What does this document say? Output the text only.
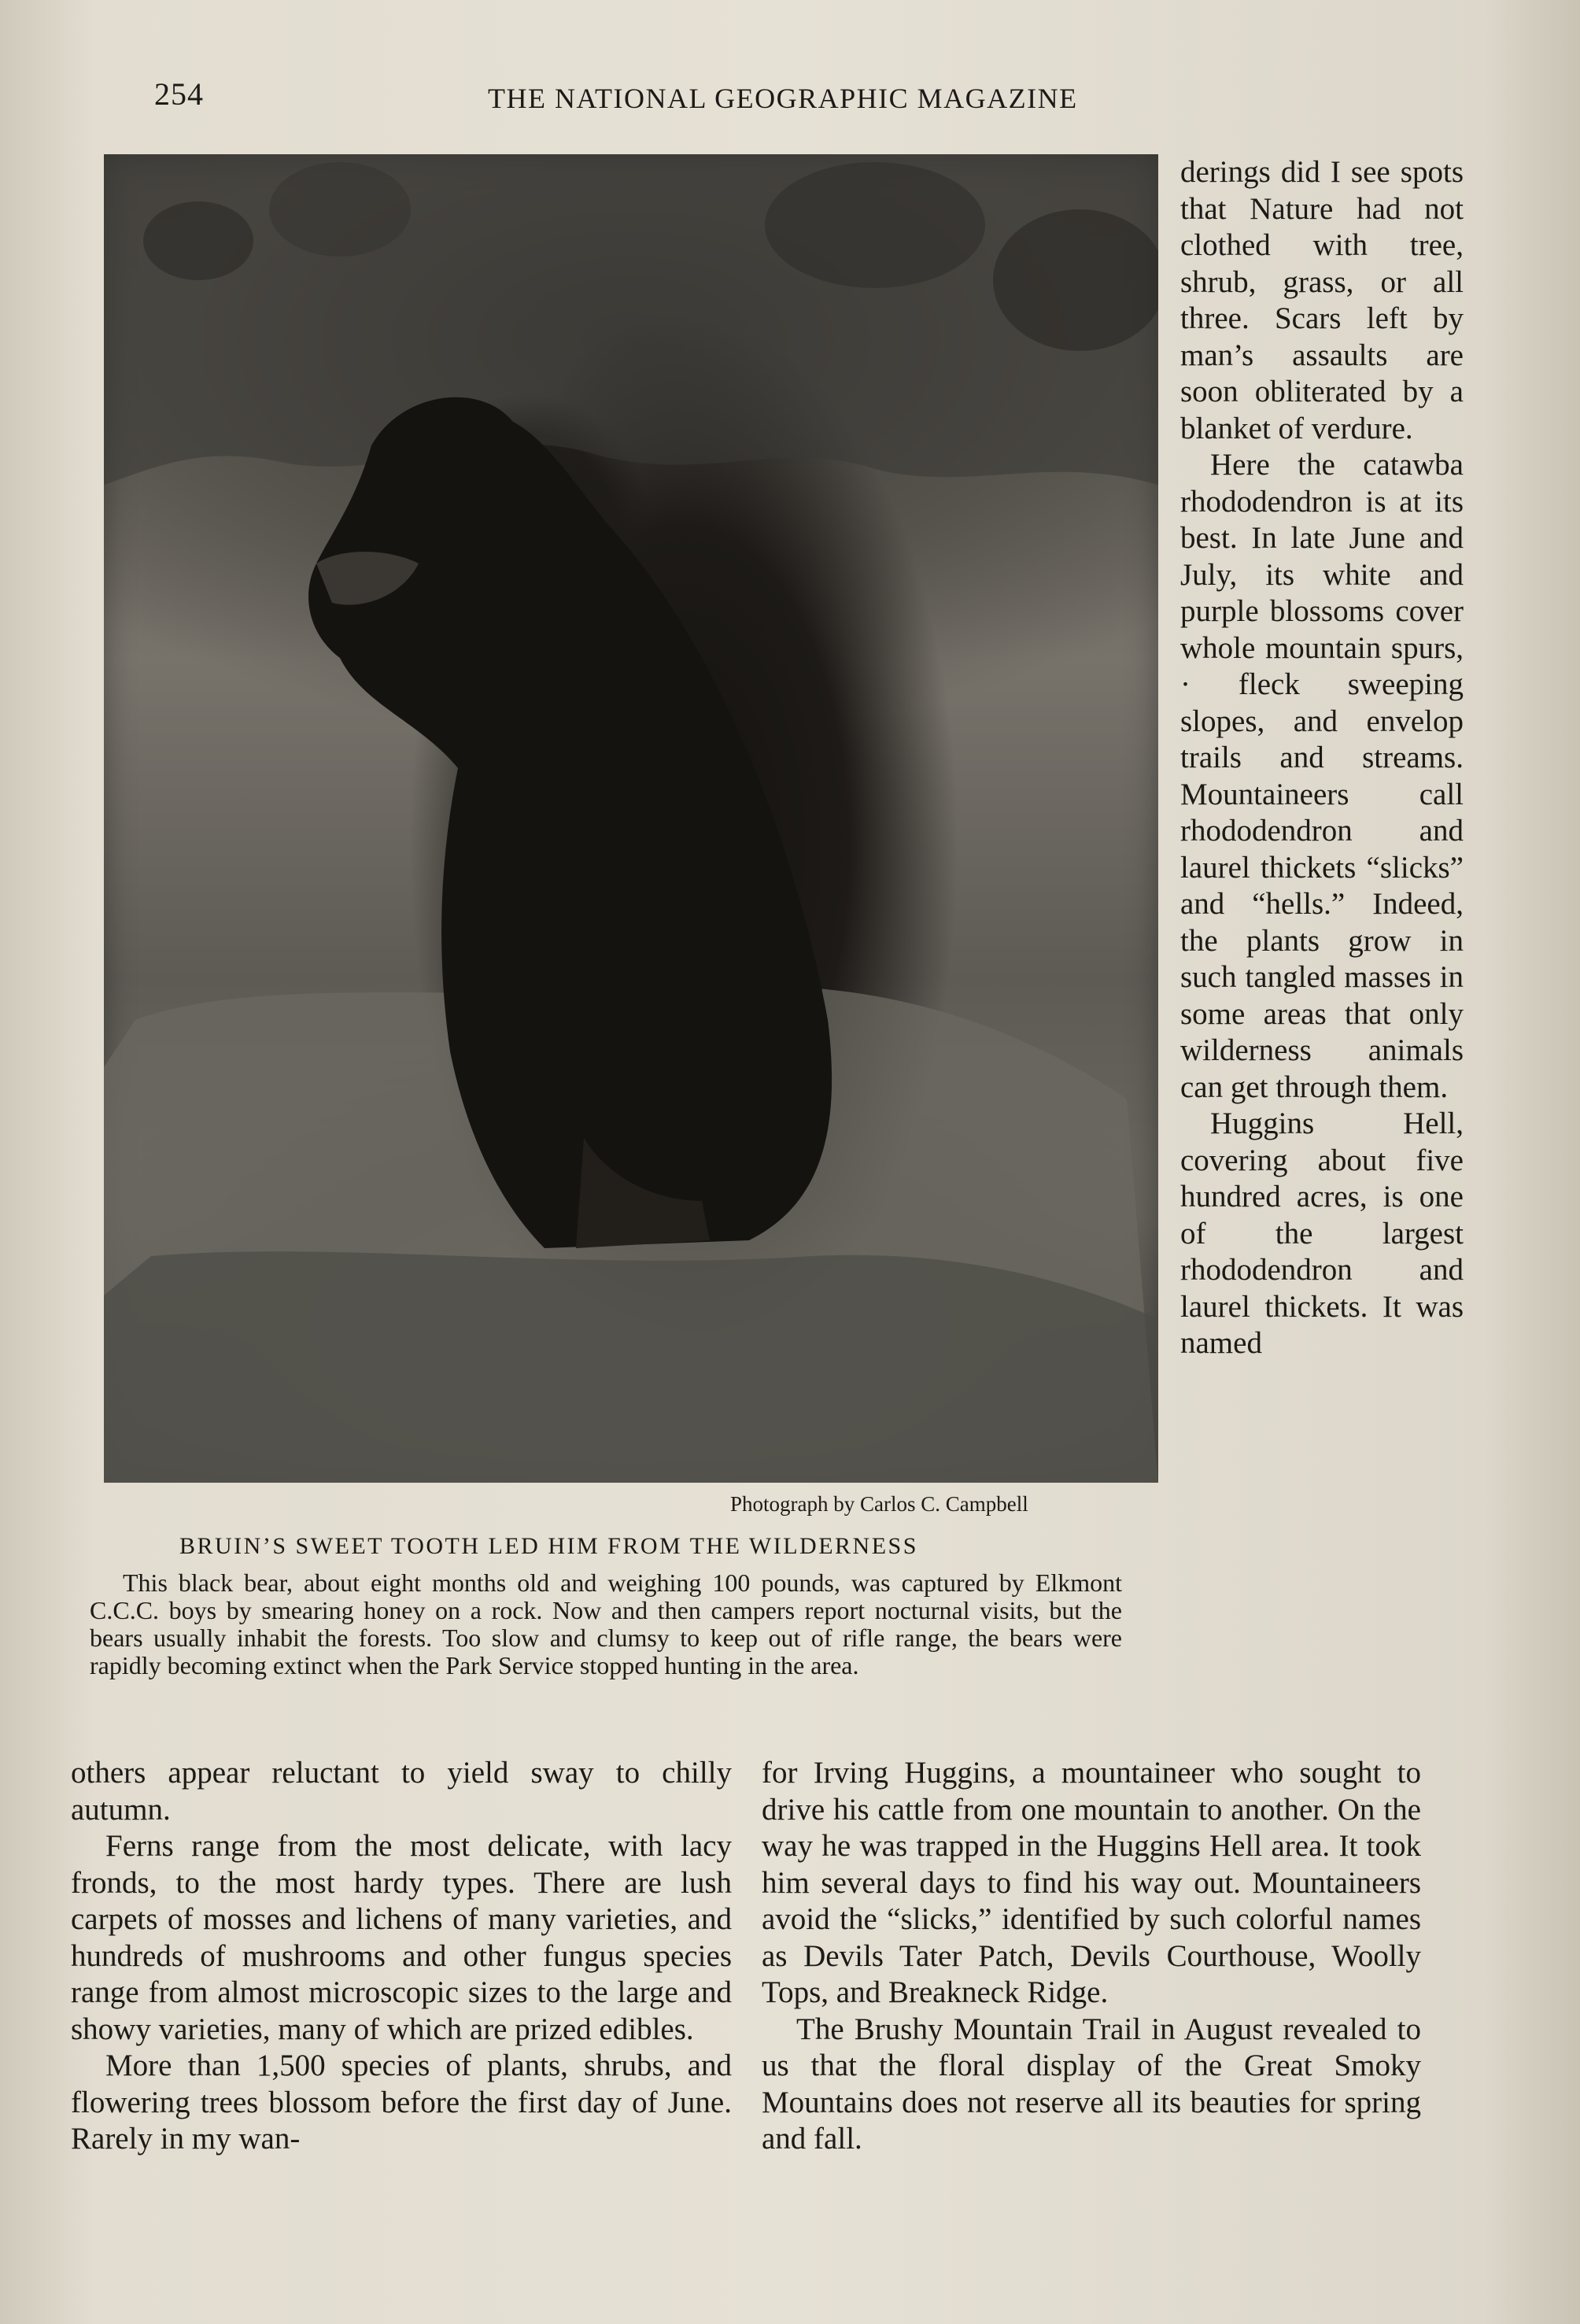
254	THE NATIONAL GEOGRAPHIC MAGAZINE
Photograph by Carlos C. Campbell
BRUIN’S SWEET TOOTH LED HIM FROM THE WILDERNESS
This black bear, about eight months old and weighing 100 pounds, was captured by Elkmont C.C.C. boys by smearing honey on a rock. Now and then campers report nocturnal visits, but the bears usually inhabit the forests. Too slow and clumsy to keep out of rifle range, the bears were rapidly becoming extinct when the Park Service stopped hunting in the area.

derings did I see spots that Nature had not clothed with tree, shrub, grass, or all three. Scars left by man’s assaults are soon obliterated by a blanket of verdure.

Here the catawba rhododendron is at its best. In late June and July, its white and purple blossoms cover whole mountain spurs, · fleck sweeping slopes, and envelop trails and streams. Mountaineers call rhododendron and laurel thickets “slicks” and “hells.” Indeed, the plants grow in such tangled masses in some areas that only wilderness animals can get through them.

Huggins Hell, covering about five hundred acres, is one of the largest rhododendron and laurel thickets. It was named

others appear reluctant to yield sway to chilly autumn.

Ferns range from the most delicate, with lacy fronds, to the most hardy types. There are lush carpets of mosses and lichens of many varieties, and hundreds of mushrooms and other fungus species range from almost microscopic sizes to the large and showy varieties, many of which are prized edibles.

More than 1,500 species of plants, shrubs, and flowering trees blossom before the first day of June. Rarely in my wan-

for Irving Huggins, a mountaineer who sought to drive his cattle from one mountain to another. On the way he was trapped in the Huggins Hell area. It took him several days to find his way out. Mountaineers avoid the “slicks,” identified by such colorful names as Devils Tater Patch, Devils Courthouse, Woolly Tops, and Breakneck Ridge.

The Brushy Mountain Trail in August revealed to us that the floral display of the Great Smoky Mountains does not reserve all its beauties for spring and fall.
